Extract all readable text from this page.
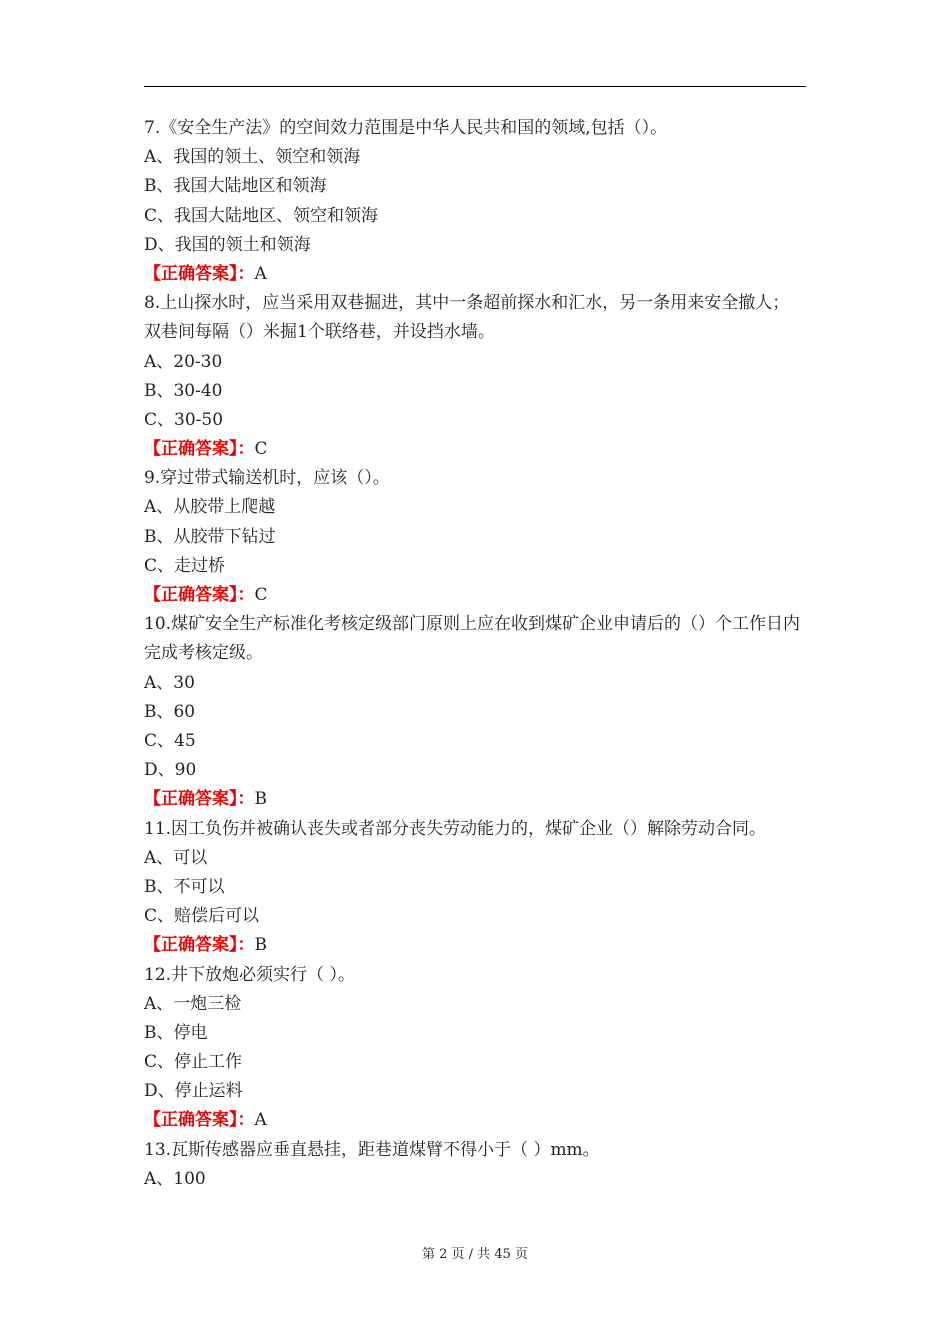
7.《安全生产法》的空间效力范围是中华人民共和国的领域,包括（）。
A、我国的领土、领空和领海
B、我国大陆地区和领海
C、我国大陆地区、领空和领海
D、我国的领土和领海
【正确答案】：A
8.上山探水时，应当采用双巷掘进，其中一条超前探水和汇水，另一条用来安全撤人；双巷间每隔（）米掘1个联络巷，并设挡水墙。
A、20-30
B、30-40
C、30-50
【正确答案】：C
9.穿过带式输送机时，应该（）。
A、从胶带上爬越
B、从胶带下钻过
C、走过桥
【正确答案】：C
10.煤矿安全生产标准化考核定级部门原则上应在收到煤矿企业申请后的（）个工作日内完成考核定级。
A、30
B、60
C、45
D、90
【正确答案】：B
11.因工负伤并被确认丧失或者部分丧失劳动能力的，煤矿企业（）解除劳动合同。
A、可以
B、不可以
C、赔偿后可以
【正确答案】：B
12.井下放炮必须实行（ ）。
A、一炮三检
B、停电
C、停止工作
D、停止运料
【正确答案】：A
13.瓦斯传感器应垂直悬挂，距巷道煤臂不得小于（ ）mm。
A、100
第 2 页 / 共 45 页
